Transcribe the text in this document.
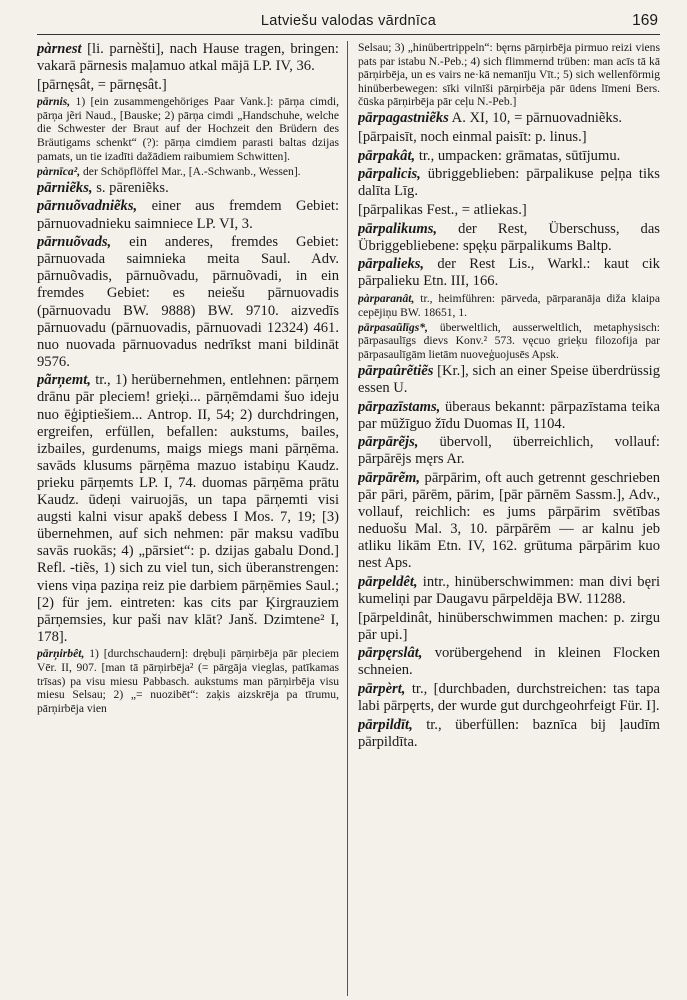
Latviešu valodas vārdnīca	169

pàrnest [li. parnèšti], nach Hause tragen, bringen: vakarā pārnesis maļamuo atkal mājā LP. IV, 36.

[pārnęsât, = pārnęsât.]

pārnis, 1) [ein zusammengehöriges Paar Vank.]: pārņa cimdi, pārņa jẽri Naud., [Bauske; 2) pārņa cimdi „Handschuhe, welche die Schwester der Braut auf der Hochzeit den Brüdern des Bräutigams schenkt“ (?): pārņa cimdiem parasti baltas dzijas pamats, un tie izadīti dažādiem raibumiem Schwitten].

pàrnīca², der Schöpflöffel Mar., [A.-Schwanb., Wessen].

pārniẽks, s. pāreniẽks.

pārnuõvadniẽks, einer aus fremdem Gebiet: pārnuovadnieku saimniece LP. VI, 3.

pārnuõvads, ein anderes, fremdes Gebiet: pārnuovada saimnieka meita Saul. Adv. pārnuõvadis, pārnuõvadu, pārnuõvadi, in ein fremdes Gebiet: es neiešu pārnuovadis (pārnuovadu BW. 9888) BW. 9710. aizvedīs pārnuovadu (pārnuovadis, pārnuovadi 12324) 461. nuo nuovada pārnuovadus nedrīkst mani bildināt 9576.

pãrņemt, tr., 1) herübernehmen, entlehnen: pārņem drānu pār pleciem! grieķi... pārņēmdami šuo ideju nuo ēģiptiešiem... Antrop. II, 54; 2) durchdringen, ergreifen, erfüllen, befallen: aukstums, bailes, izbailes, gurdenums, maigs miegs mani pārņēma. savāds klusums pārņēma mazuo istabiņu Kaudz. prieku pārņemts LP. I, 74. duomas pārņēma prātu Kaudz. ūdeņi vairuojās, un tapa pārņemti visi augsti kalni visur apakš debess I Mos. 7, 19; [3) übernehmen, auf sich nehmen: pār maksu vadību savās ruokās; 4) „pārsiet“: p. dzijas gabalu Dond.] Refl. -tiẽs, 1) sich zu viel tun, sich überanstrengen: viens viņa paziņa reiz pie darbiem pārņēmies Saul.; [2) für jem. eintreten: kas cits par Ķirgrauziem pārņemsies, kur paši nav klāt? Janš. Dzimtene² I, 178].

pārņirbêt, 1) [durchschaudern]: drębuļi pārņirbēja pār pleciem Vēr. II, 907. [man tā pārņirbēja² (= pārgāja vieglas, patīkamas trīsas) pa visu miesu Pabbasch. aukstums man pārņirbēja visu miesu Selsau; 2) „= nuozibēt“: zaķis aizskrēja pa tīrumu, pārņirbēja vien

Selsau; 3) „hinübertrippeln“: bęrns pārņirbēja pirmuo reizi viens pats par istabu N.-Peb.; 4) sich flimmernd trüben: man acīs tā kā pārņirbēja, un es vairs ne·kā nemanīju Vīt.; 5) sich wellenförmig hinüberbewegen: sīki vilnīši pārņirbēja pār ūdens līmeni Bers. čūska pārņirbēja pār ceļu N.-Peb.]

pārpagastniẽks A. XI, 10, = pārnuovadniẽks.

[pārpaisīt, noch einmal paisīt: p. linus.]

pārpakât, tr., umpacken: grāmatas, sūtījumu.

pārpalicis, übriggeblieben: pārpalikuse peļņa tiks dalīta Līg.

[pārpalikas Fest., = atliekas.]

pārpalikums, der Rest, Überschuss, das Übriggebliebene: spęķu pārpalikums Baltp.

pārpalieks, der Rest Lis., Warkl.: kaut cik pārpalieku Etn. III, 166.

pàrparanât, tr., heimführen: pārveda, pārparanāja diža klaipa cepējiņu BW. 18651, 1.

pārpasaũlīgs*, überweltlich, ausserweltlich, metaphysisch: pārpasaulīgs dievs Konv.² 573. vęcuo grieķu filozofija par pārpasaulīgām lietām nuoveģuojusēs Apsk.

pārpaûrẽtiẽs [Kr.], sich an einer Speise überdrüssig essen U.

pārpazīstams, überaus bekannt: pārpazīstama teika par mūžīguo žīdu Duomas II, 1104.

pārpārẽjs, übervoll, überreichlich, vollauf: pārpārējs męrs Ar.

pārpārẽm, pārpārim, oft auch getrennt geschrieben pār pāri, pārēm, pārim, [pār pārnēm Sassm.], Adv., vollauf, reichlich: es jums pārpārim svētības neduošu Mal. 3, 10. pārpārēm — ar kalnu jeb atliku likām Etn. IV, 162. grūtuma pārpārim kuo nest Aps.

pārpeldêt, intr., hinüberschwimmen: man divi bęri kumeliņi par Daugavu pārpeldēja BW. 11288.

[pārpeldinât, hinüberschwimmen machen: p. zirgu pār upi.]

pārpęrslât, vorübergehend in kleinen Flocken schneien.

pārpèrt, tr., [durchbaden, durchstreichen: tas tapa labi pārpęrts, der wurde gut durchgeohrfeigt Für. I].

pārpildīt, tr., überfüllen: baznīca bij ļaudīm pārpildīta.
